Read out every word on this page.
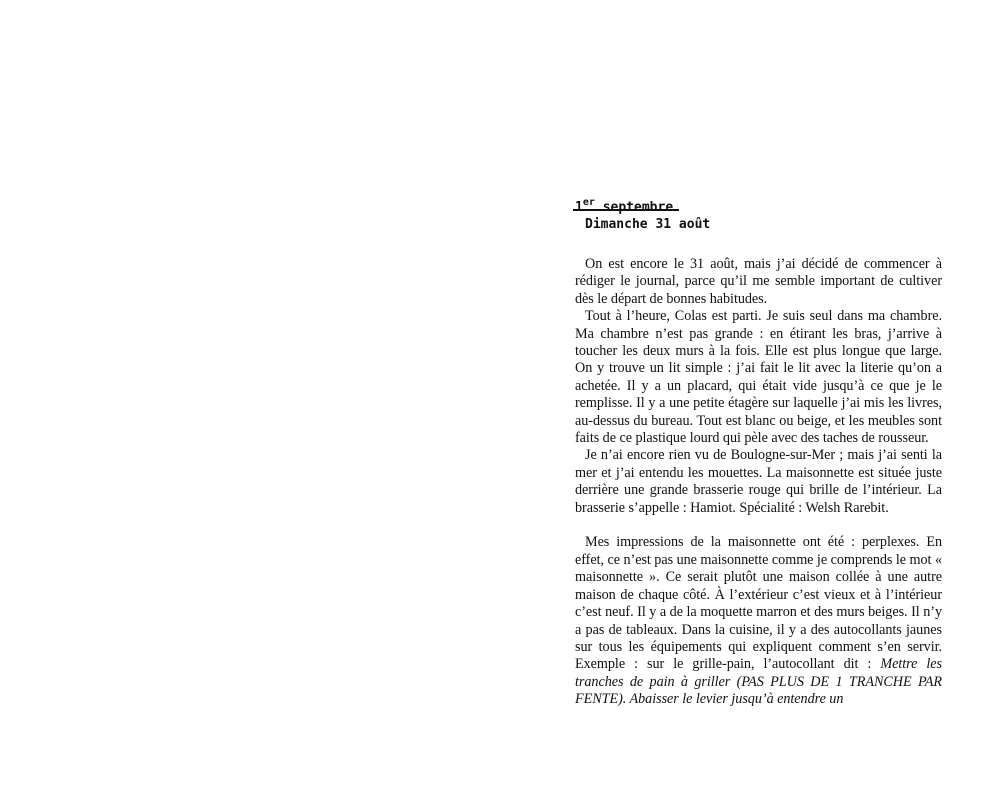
1er septembre
Dimanche 31 août

On est encore le 31 août, mais j’ai décidé de commencer à rédiger le journal, parce qu’il me semble important de cultiver dès le départ de bonnes habitudes.

Tout à l’heure, Colas est parti. Je suis seul dans ma chambre. Ma chambre n’est pas grande : en étirant les bras, j’arrive à toucher les deux murs à la fois. Elle est plus longue que large. On y trouve un lit simple : j’ai fait le lit avec la literie qu’on a achetée. Il y a un placard, qui était vide jusqu’à ce que je le remplisse. Il y a une petite étagère sur laquelle j’ai mis les livres, au-dessus du bureau. Tout est blanc ou beige, et les meubles sont faits de ce plastique lourd qui pèle avec des taches de rousseur.

Je n’ai encore rien vu de Boulogne-sur-Mer ; mais j’ai senti la mer et j’ai entendu les mouettes. La maisonnette est située juste derrière une grande brasserie rouge qui brille de l’intérieur. La brasserie s’appelle : Hamiot. Spécialité : Welsh Rarebit.

Mes impressions de la maisonnette ont été : perplexes. En effet, ce n’est pas une maisonnette comme je comprends le mot « maisonnette ». Ce serait plutôt une maison collée à une autre maison de chaque côté. À l’extérieur c’est vieux et à l’intérieur c’est neuf. Il y a de la moquette marron et des murs beiges. Il n’y a pas de tableaux. Dans la cuisine, il y a des autocollants jaunes sur tous les équipements qui expliquent comment s’en servir. Exemple : sur le grille-pain, l’autocollant dit : Mettre les tranches de pain à griller (PAS PLUS DE 1 TRANCHE PAR FENTE). Abaisser le levier jusqu’à entendre un
